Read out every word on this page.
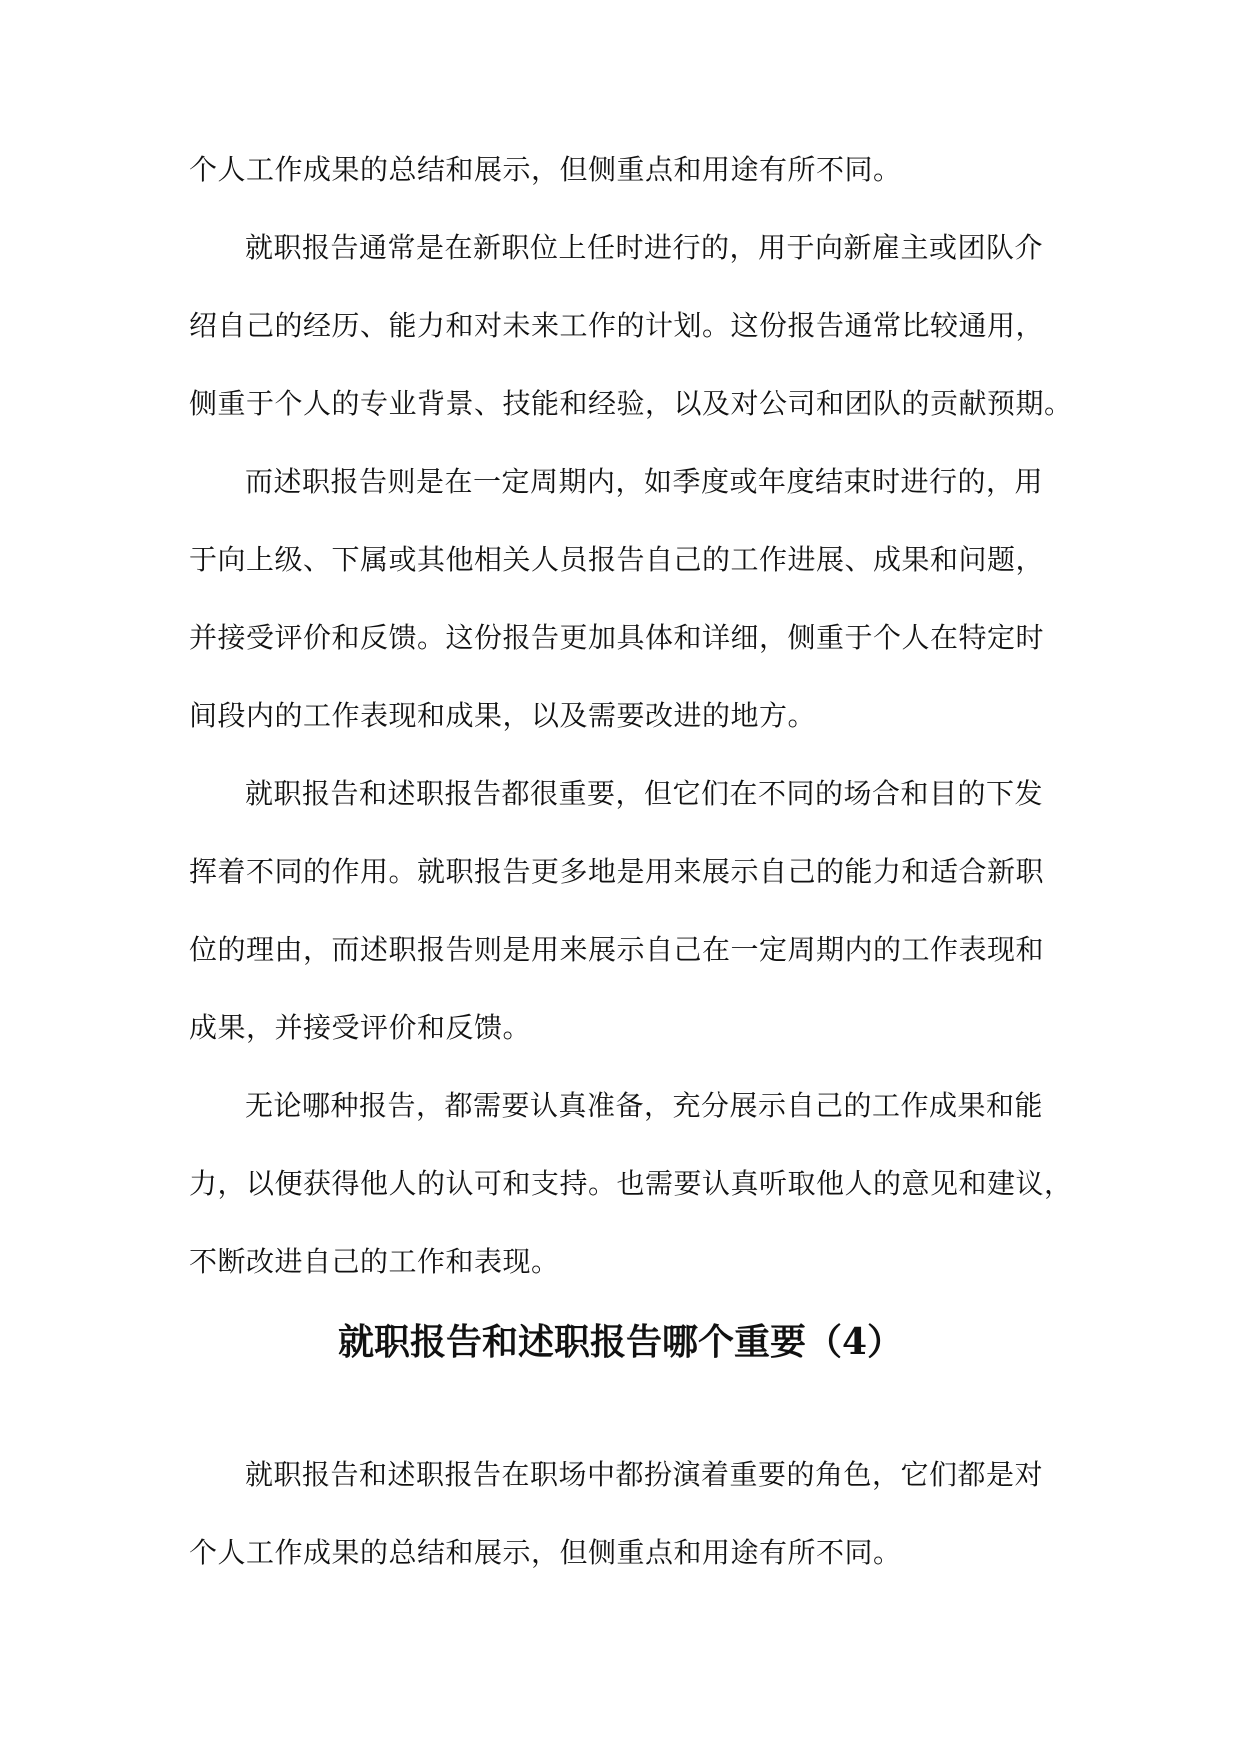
个人工作成果的总结和展示，但侧重点和用途有所不同。
就职报告通常是在新职位上任时进行的，用于向新雇主或团队介
绍自己的经历、能力和对未来工作的计划。这份报告通常比较通用，
侧重于个人的专业背景、技能和经验，以及对公司和团队的贡献预期。
而述职报告则是在一定周期内，如季度或年度结束时进行的，用
于向上级、下属或其他相关人员报告自己的工作进展、成果和问题，
并接受评价和反馈。这份报告更加具体和详细，侧重于个人在特定时
间段内的工作表现和成果，以及需要改进的地方。
就职报告和述职报告都很重要，但它们在不同的场合和目的下发
挥着不同的作用。就职报告更多地是用来展示自己的能力和适合新职
位的理由，而述职报告则是用来展示自己在一定周期内的工作表现和
成果，并接受评价和反馈。
无论哪种报告，都需要认真准备，充分展示自己的工作成果和能
力，以便获得他人的认可和支持。也需要认真听取他人的意见和建议，
不断改进自己的工作和表现。
就职报告和述职报告哪个重要（4）
就职报告和述职报告在职场中都扮演着重要的角色，它们都是对
个人工作成果的总结和展示，但侧重点和用途有所不同。
